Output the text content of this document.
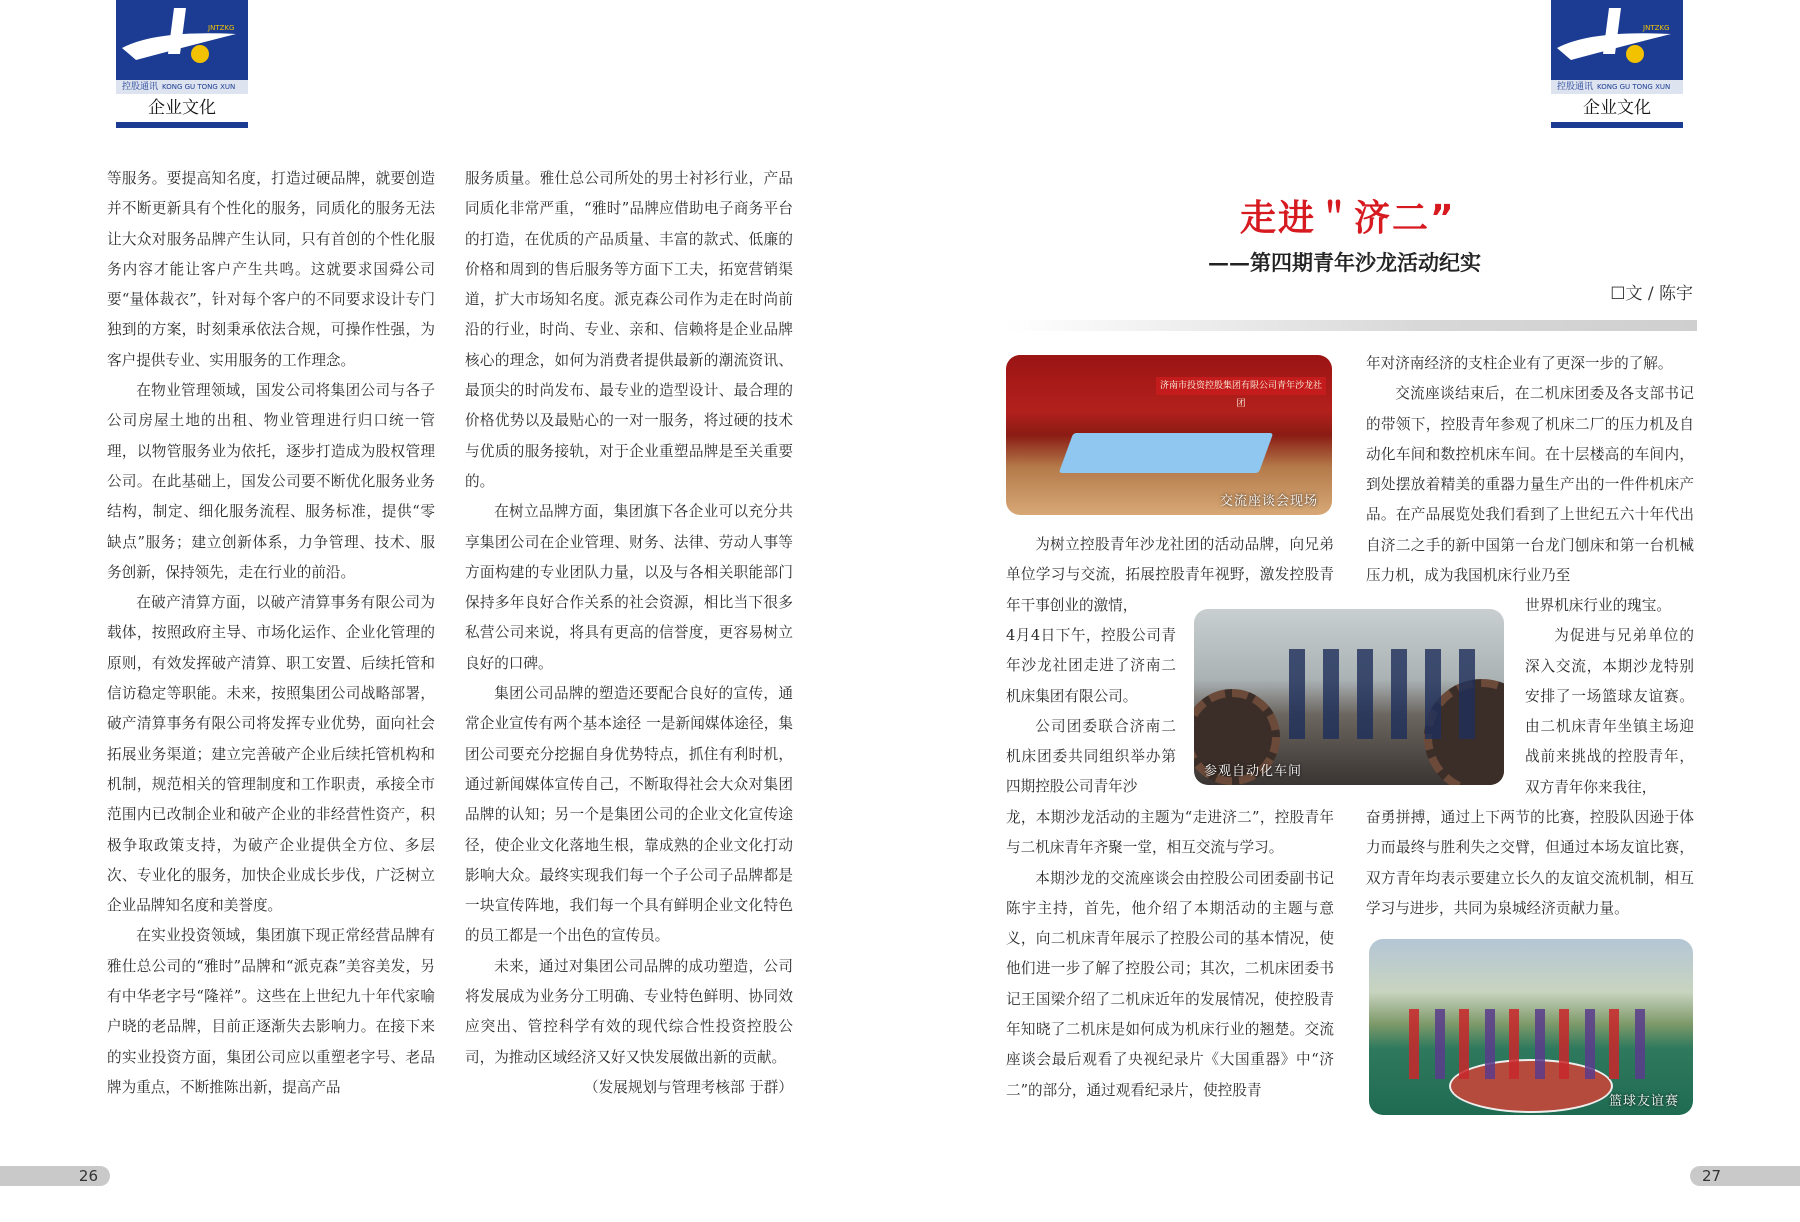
JNTZKG
控股通讯 KONG GU TONG XUN
企业文化
JNTZKG
控股通讯 KONG GU TONG XUN
企业文化

等服务。要提高知名度，打造过硬品牌，就要创造并不断更新具有个性化的服务，同质化的服务无法让大众对服务品牌产生认同，只有首创的个性化服务内容才能让客户产生共鸣。这就要求国舜公司要“量体裁衣”，针对每个客户的不同要求设计专门独到的方案，时刻秉承依法合规，可操作性强，为客户提供专业、实用服务的工作理念。

在物业管理领域，国发公司将集团公司与各子公司房屋土地的出租、物业管理进行归口统一管理，以物管服务业为依托，逐步打造成为股权管理公司。在此基础上，国发公司要不断优化服务业务结构，制定、细化服务流程、服务标准，提供“零缺点”服务；建立创新体系，力争管理、技术、服务创新，保持领先，走在行业的前沿。

在破产清算方面，以破产清算事务有限公司为载体，按照政府主导、市场化运作、企业化管理的原则，有效发挥破产清算、职工安置、后续托管和信访稳定等职能。未来，按照集团公司战略部署，破产清算事务有限公司将发挥专业优势，面向社会拓展业务渠道；建立完善破产企业后续托管机构和机制，规范相关的管理制度和工作职责，承接全市范围内已改制企业和破产企业的非经营性资产，积极争取政策支持，为破产企业提供全方位、多层次、专业化的服务，加快企业成长步伐，广泛树立企业品牌知名度和美誉度。

在实业投资领域，集团旗下现正常经营品牌有雅仕总公司的“雅时”品牌和“派克森”美容美发，另有中华老字号“隆祥”。这些在上世纪九十年代家喻户晓的老品牌，目前正逐渐失去影响力。在接下来的实业投资方面，集团公司应以重塑老字号、老品牌为重点，不断推陈出新，提高产品

服务质量。雅仕总公司所处的男士衬衫行业，产品同质化非常严重，“雅时”品牌应借助电子商务平台的打造，在优质的产品质量、丰富的款式、低廉的价格和周到的售后服务等方面下工夫，拓宽营销渠道，扩大市场知名度。派克森公司作为走在时尚前沿的行业，时尚、专业、亲和、信赖将是企业品牌核心的理念，如何为消费者提供最新的潮流资讯、最顶尖的时尚发布、最专业的造型设计、最合理的价格优势以及最贴心的一对一服务，将过硬的技术与优质的服务接轨，对于企业重塑品牌是至关重要的。

在树立品牌方面，集团旗下各企业可以充分共享集团公司在企业管理、财务、法律、劳动人事等方面构建的专业团队力量，以及与各相关职能部门保持多年良好合作关系的社会资源，相比当下很多私营公司来说，将具有更高的信誉度，更容易树立良好的口碑。

集团公司品牌的塑造还要配合良好的宣传，通常企业宣传有两个基本途径 一是新闻媒体途径，集团公司要充分挖掘自身优势特点，抓住有利时机，通过新闻媒体宣传自己，不断取得社会大众对集团品牌的认知；另一个是集团公司的企业文化宣传途径，使企业文化落地生根，靠成熟的企业文化打动影响大众。最终实现我们每一个子公司子品牌都是一块宣传阵地，我们每一个具有鲜明企业文化特色的员工都是一个出色的宣传员。

未来，通过对集团公司品牌的成功塑造，公司将发展成为业务分工明确、专业特色鲜明、协同效应突出、管控科学有效的现代综合性投资控股公司，为推动区域经济又好又快发展做出新的贡献。

（发展规划与管理考核部 于群）

走进＂济二”
——第四期青年沙龙活动纪实
☐文 / 陈宇
济南市投资控股集团有限公司青年沙龙社团
交流座谈会现场
参观自动化车间
篮球友谊赛

为树立控股青年沙龙社团的活动品牌，向兄弟单位学习与交流，拓展控股青年视野，激发控股青年干事创业的激情，

4月4日下午，控股公司青年沙龙社团走进了济南二机床集团有限公司。

公司团委联合济南二机床团委共同组织举办第四期控股公司青年沙

龙，本期沙龙活动的主题为“走进济二”，控股青年与二机床青年齐聚一堂，相互交流与学习。

本期沙龙的交流座谈会由控股公司团委副书记陈宇主持，首先，他介绍了本期活动的主题与意义，向二机床青年展示了控股公司的基本情况，使他们进一步了解了控股公司；其次，二机床团委书记王国梁介绍了二机床近年的发展情况，使控股青年知晓了二机床是如何成为机床行业的翘楚。交流座谈会最后观看了央视纪录片《大国重器》中“济二”的部分，通过观看纪录片，使控股青

年对济南经济的支柱企业有了更深一步的了解。

交流座谈结束后，在二机床团委及各支部书记的带领下，控股青年参观了机床二厂的压力机及自动化车间和数控机床车间。在十层楼高的车间内，到处摆放着精美的重器力量生产出的一件件机床产品。在产品展览处我们看到了上世纪五六十年代出自济二之手的新中国第一台龙门刨床和第一台机械压力机，成为我国机床行业乃至

世界机床行业的瑰宝。

为促进与兄弟单位的深入交流，本期沙龙特别安排了一场篮球友谊赛。由二机床青年坐镇主场迎战前来挑战的控股青年，双方青年你来我往，

奋勇拼搏，通过上下两节的比赛，控股队因逊于体力而最终与胜利失之交臂，但通过本场友谊比赛，双方青年均表示要建立长久的友谊交流机制，相互学习与进步，共同为泉城经济贡献力量。

26	27
